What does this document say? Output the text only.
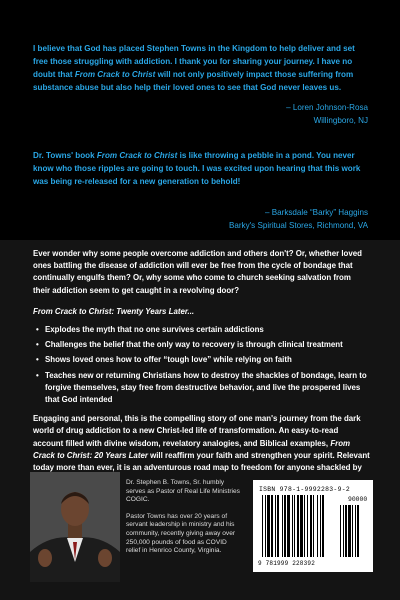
I believe that God has placed Stephen Towns in the Kingdom to help deliver and set free those struggling with addiction. I thank you for sharing your journey. I have no doubt that From Crack to Christ will not only positively impact those suffering from substance abuse but also help their loved ones to see that God never leaves us.
– Loren Johnson-Rosa
Willingboro, NJ
Dr. Towns' book From Crack to Christ is like throwing a pebble in a pond. You never know who those ripples are going to touch. I was excited upon hearing that this work was being re-released for a new generation to behold!
– Barksdale “Barky” Haggins
Barky's Spiritual Stores, Richmond, VA

Ever wonder why some people overcome addiction and others don't? Or, whether loved ones battling the disease of addiction will ever be free from the cycle of bondage that continually engulfs them? Or, why some who come to church seeking salvation from their addiction seem to get caught in a revolving door?

From Crack to Christ: Twenty Years Later...

• Explodes the myth that no one survives certain addictions
• Challenges the belief that the only way to recovery is through clinical treatment
• Shows loved ones how to offer “tough love” while relying on faith
• Teaches new or returning Christians how to destroy the shackles of bondage, learn to forgive themselves, stay free from destructive behavior, and live the prospered lives that God intended

Engaging and personal, this is the compelling story of one man's journey from the dark world of drug addiction to a new Christ-led life of transformation. An easy-to-read account filled with divine wisdom, revelatory analogies, and Biblical examples, From Crack to Christ: 20 Years Later will reaffirm your faith and strengthen your spirit. Relevant today more than ever, it is an adventurous road map to freedom for anyone shackled by

Dr. Stephen B. Towns, Sr. humbly serves as Pastor of Real Life Ministries COGIC.

Pastor Towns has over 20 years of servant leadership in ministry and his community, recently giving away over 250,000 pounds of food as COVID relief in Henrico County, Virginia.

ISBN 978-1-9992283-9-2
90000
9 781999 228392
